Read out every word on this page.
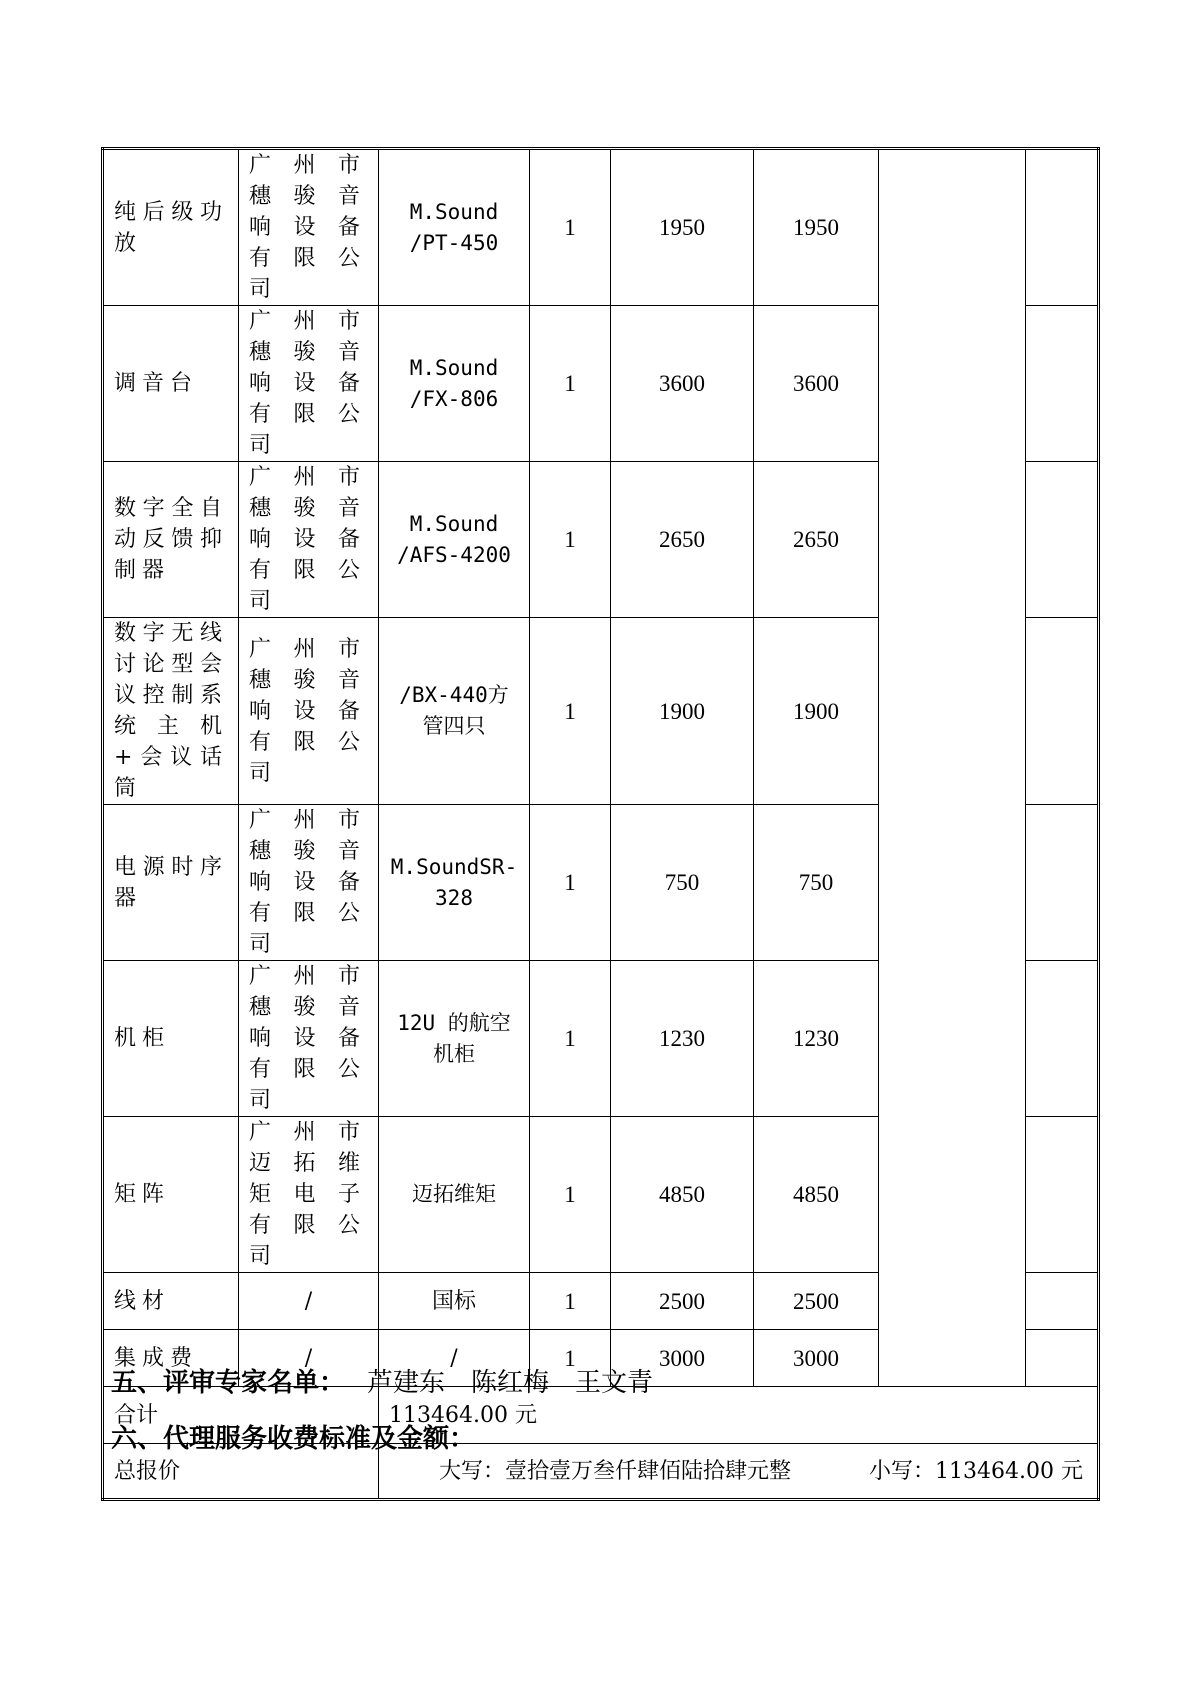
纯后级功放	广州市穗骏音响设备有限公司	M.Sound /PT-450	1	1950	1950		
调音台	广州市穗骏音响设备有限公司	M.Sound /FX-806	1	3600	3600		
数字全自动反馈抑制器	广州市穗骏音响设备有限公司	M.Sound /AFS-4200	1	2650	2650		
数字无线讨论型会议控制系统主机+会议话筒	广州市穗骏音响设备有限公司	/BX-440方管四只	1	1900	1900		
电源时序器	广州市穗骏音响设备有限公司	M.SoundSR-328	1	750	750		
机柜	广州市穗骏音响设备有限公司	12U 的航空机柜	1	1230	1230		
矩阵	广州市迈拓维矩电子有限公司	迈拓维矩	1	4850	4850		
线材	/	国标	1	2500	2500		
集成费	/	/	1	3000	3000		
合计		113464.00 元					
总报价		大写：壹拾壹万叁仟肆佰陆拾肆元整 小写：113464.00 元					
五、评审专家名单： 芦建东 陈红梅 王文青
六、代理服务收费标准及金额：
